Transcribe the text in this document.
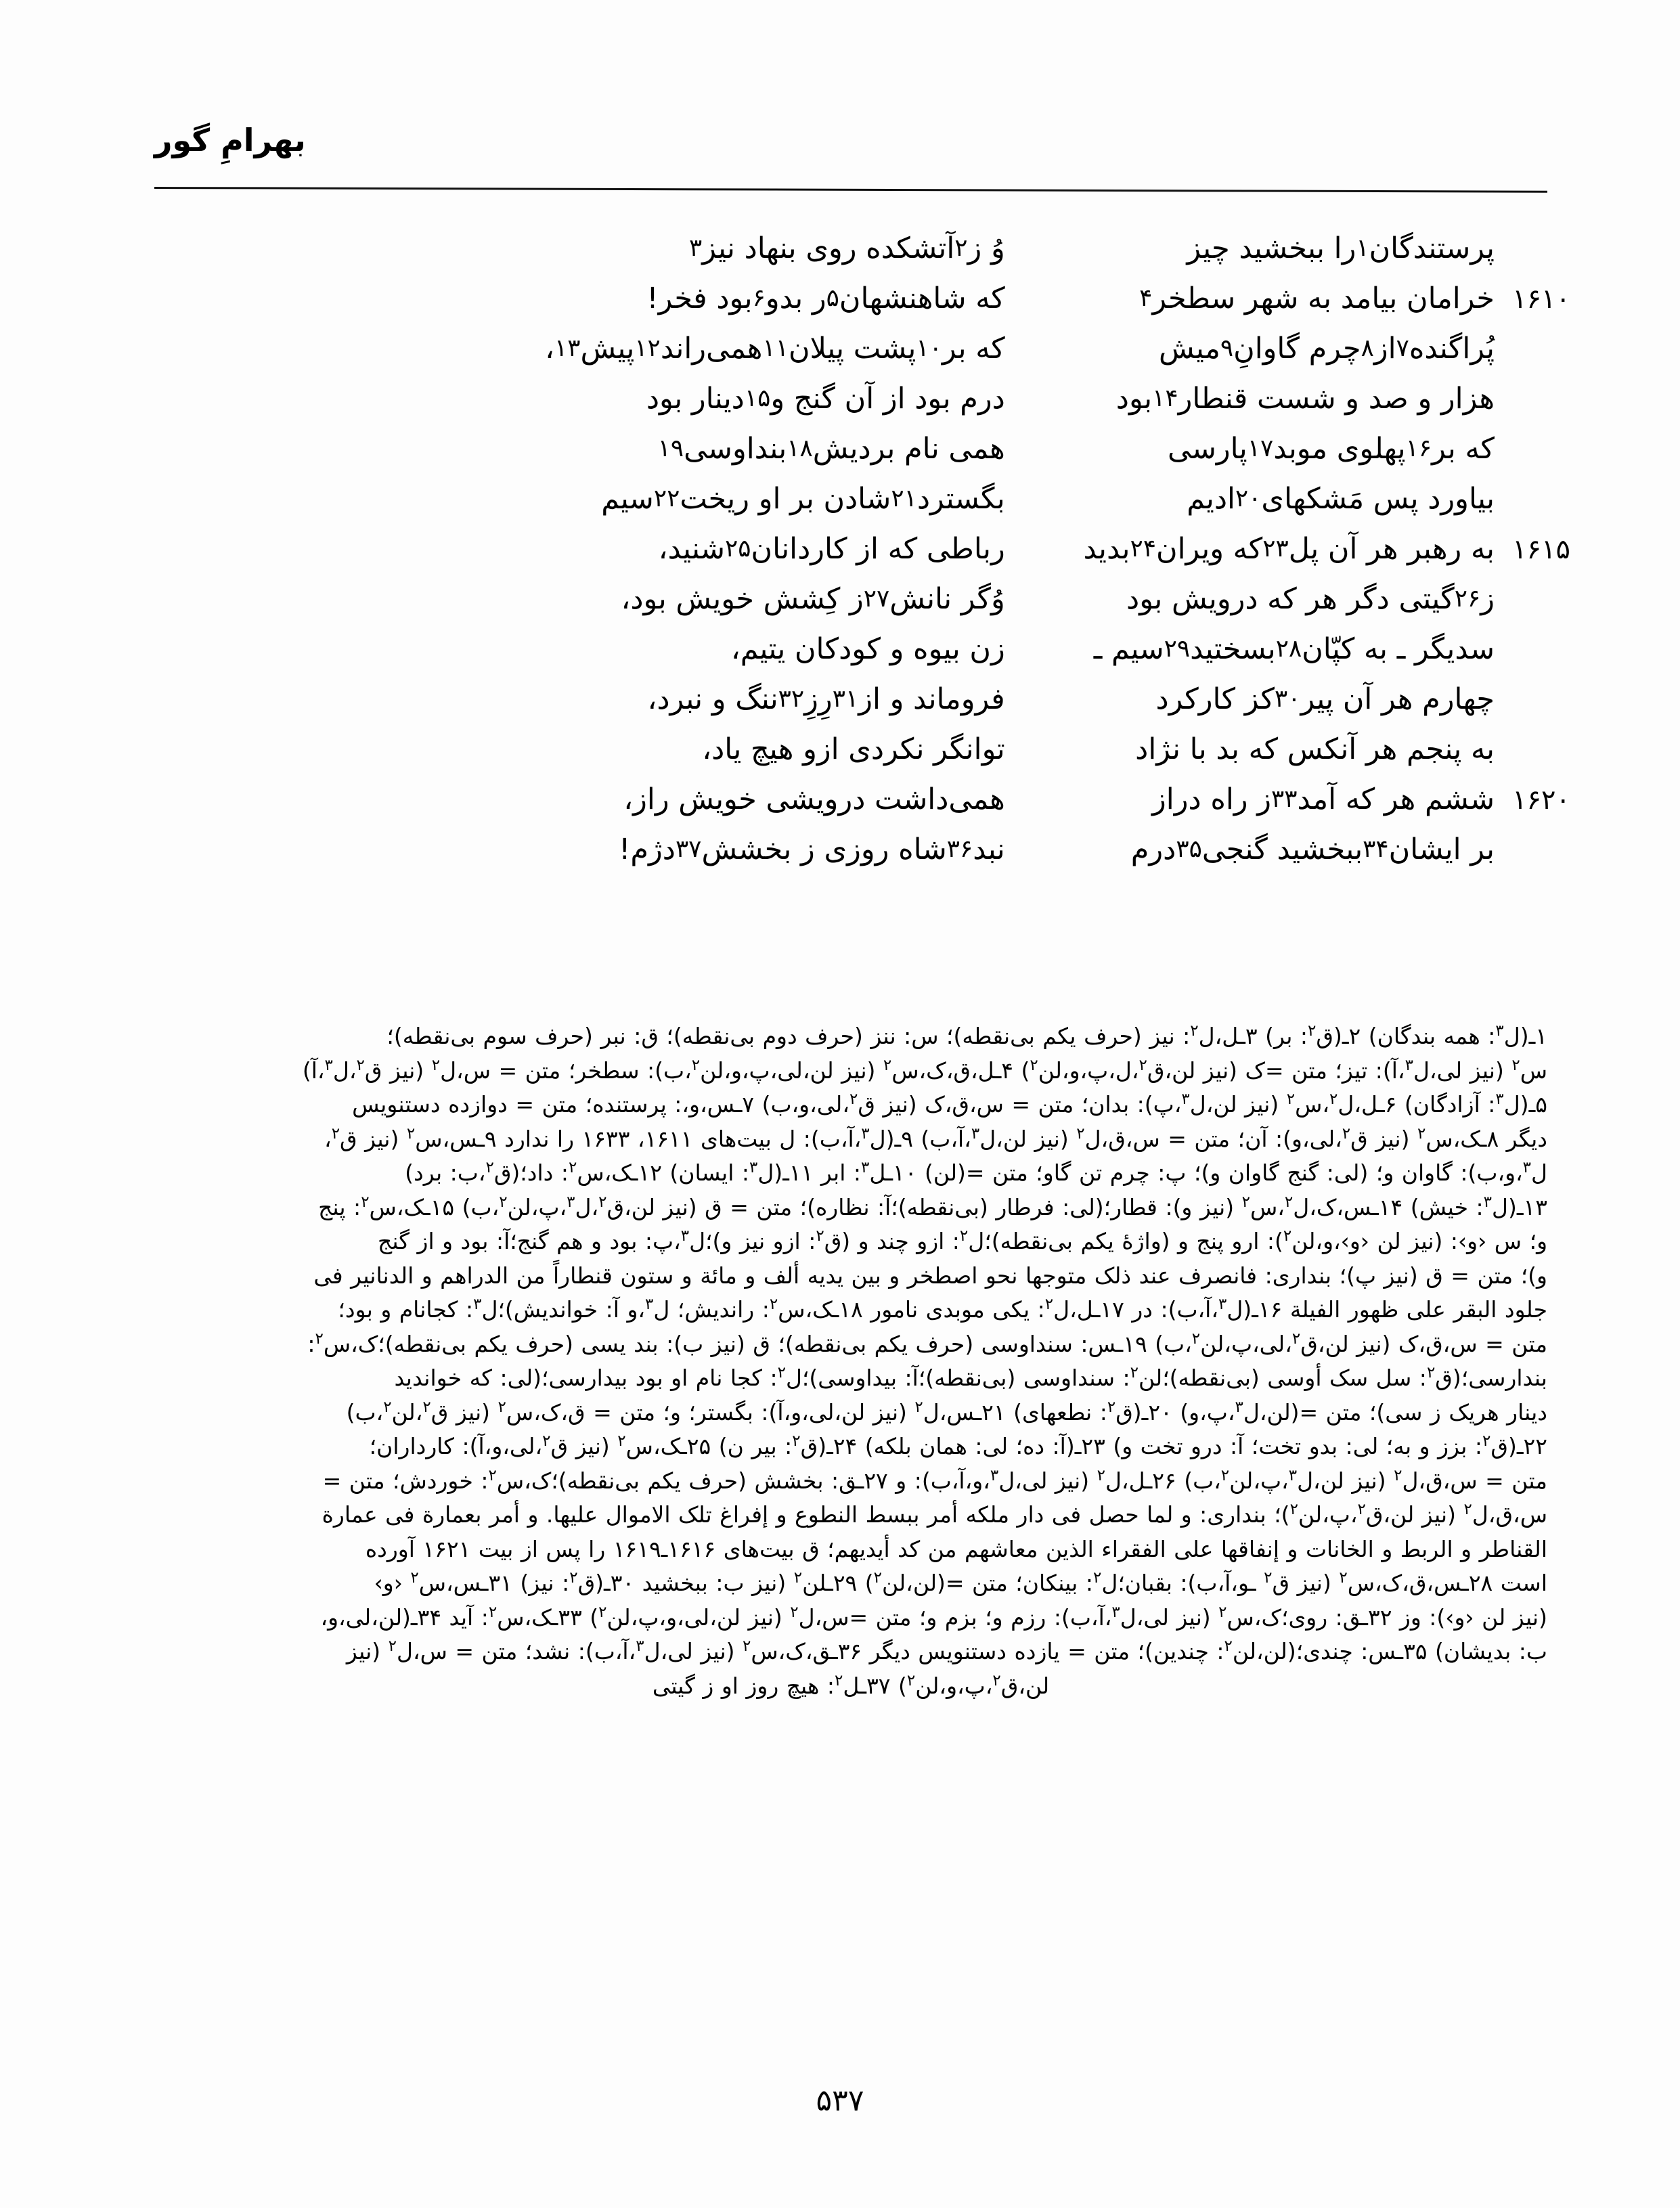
بهرامِ گور
پرستندگان
۱
را ببخشید چیز
وُ ز
۲
آتشکده روی بنهاد نیز
۳
۱۶۱۰
خرامان بیامد به شهر سطخر
۴
که شاهنشهان
۵
ر بدو
۶
بود فخر!
پُراگنده
۷
از
۸
چرم گاوانِ
۹
میش
که بر
۱۰
پشت پیلان
۱۱
همی‌راند
۱۲
پیش
۱۳
،
هزار و صد و شست قنطار
۱۴
بود
درم بود از آن گنج و
۱۵
دینار بود
که بر
۱۶
پهلوی موبد
۱۷
پارسی
همی نام بردیش
۱۸
بنداوسی
۱۹
بیاورد پس مَشکهای
۲۰
ادیم
بگسترد
۲۱
شادن بر او ریخت
۲۲
سیم
۱۶۱۵
به رهبر هر آن پل
۲۳
که ویران
۲۴
بدید
رباطی که از کاردانان
۲۵
شنید،
ز
۲۶
گیتی دگر هر که درویش بود
وُگر نانش
۲۷
ز کِشش خویش بود،
سدیگر ـ به کپّان
۲۸
بسختید
۲۹
سیم ـ
زن بیوه و کودکان یتیم،
چهارم هر آن پیر
۳۰
کز کارکرد
فروماند و از
۳۱
رِزِ
۳۲
ننگ و نبرد،
به پنجم هر آنکس که بد با نژاد
توانگر نکردی ازو هیچ یاد،
۱۶۲۰
ششم هر که آمد
۳۳
ز راه دراز
همی‌داشت درویشی خویش راز،
بر ایشان
۳۴
ببخشید گنجی
۳۵
درم
نبد
۳۶
شاه روزی ز بخشش
۳۷
دژم!

۱ـ(ل$^۳$: همه بندگان) ۲ـ(ق$^۲$: بر) ۳ـل،ل$^۲$: نیز (حرف یکم بی‌نقطه)؛ س: ننز (حرف دوم بی‌نقطه)؛ ق: نبر (حرف سوم بی‌نقطه)؛

س$^۲$ (نیز لی،ل$^۳$،آ): تیز؛ متن =ک (نیز لن،ق$^۲$،ل،پ،و،لن$^۲$) ۴ـل،ق،ک،س$^۲$ (نیز لن،لی،پ،و،لن$^۲$،ب): سطخر؛ متن = س،ل$^۲$ (نیز ق$^۲$،ل$^۳$،آ)

۵ـ(ل$^۳$: آزادگان) ۶ـل،ل$^۲$،س$^۲$ (نیز لن،ل$^۳$،پ): بدان؛ متن = س،ق،ک (نیز ق$^۲$،لی،و،ب) ۷ـس،و،: پرستنده؛ متن = دوازده دستنویس

دیگر ۸ـک،س$^۲$ (نیز ق$^۲$،لی،و): آن؛ متن = س،ق،ل$^۲$ (نیز لن،ل$^۳$،آ،ب) ۹ـ(ل$^۳$،آ،ب): ل بیت‌های ۱۶۱۱، ۱۶۳۳ را ندارد ۹ـس،س$^۲$ (نیز ق$^۲$،

ل$^۳$،و،ب): گاوان و؛ (لی: گنج گاوان و)؛ پ: چرم تن گاو؛ متن =(لن) ۱۰ـل$^۳$: ابر ۱۱ـ(ل$^۳$: ایسان) ۱۲ـک،س$^۲$: داد؛(ق$^۲$،ب: برد)

۱۳ـ(ل$^۳$: خیش) ۱۴ـس،ک،ل$^۲$،س$^۲$ (نیز و): قطار؛(لی: فرطار (بی‌نقطه)؛آ: نظاره)؛ متن = ق (نیز لن،ق$^۲$،ل$^۳$،پ،لن$^۲$،ب) ۱۵ـک،س$^۲$: پنج

و؛ س ‹و›: (نیز لن ‹و›،و،لن$^۲$): ارو پنج و (واژهٔ یکم بی‌نقطه)؛ل$^۲$: ازو چند و (ق$^۲$: ازو نیز و)؛ل$^۳$،پ: بود و هم گنج؛آ: بود و از گنج

و)؛ متن = ق (نیز پ)؛ بنداری: فانصرف عند ذلک متوجها نحو اصطخر و بین یدیه ألف و مائة و ستون قنطاراً من الدراهم و الدنانیر فی

جلود البقر علی ظهور الفیلة ۱۶ـ(ل$^۳$،آ،ب): در ۱۷ـل،ل$^۲$: یکی موبدی نامور ۱۸ـک،س$^۲$: راندیش؛ ل$^۳$،و آ: خواندیش)؛ل$^۳$: کجانام و بود؛

متن = س،ق،ک (نیز لن،ق$^۲$،لی،پ،لن$^۲$،ب) ۱۹ـس: سنداوسی (حرف یکم بی‌نقطه)؛ ق (نیز ب): بند یسی (حرف یکم بی‌نقطه)؛ک،س$^۲$:

بندارسی؛(ق$^۲$: سل سک أوسی (بی‌نقطه)؛لن$^۲$: سنداوسی (بی‌نقطه)؛آ: بیداوسی)؛ل$^۲$: کجا نام او بود بیدارسی؛(لی: که خواندید

دینار هریک ز سی)؛ متن =(لن،ل$^۳$،پ،و) ۲۰ـ(ق$^۲$: نطعهای) ۲۱ـس،ل$^۲$ (نیز لن،لی،و،آ): بگستر؛ و؛ متن = ق،ک،س$^۲$ (نیز ق$^۲$،لن$^۲$،ب)

۲۲ـ(ق$^۲$: بزز و به؛ لی: بدو تخت؛ آ: درو تخت و) ۲۳ـ(آ: ده؛ لی: همان بلکه) ۲۴ـ(ق$^۲$: بیر ن) ۲۵ـک،س$^۲$ (نیز ق$^۲$،لی،و،آ): کارداران؛

متن = س،ق،ل$^۲$ (نیز لن،ل$^۳$،پ،لن$^۲$،ب) ۲۶ـل،ل$^۲$ (نیز لی،ل$^۳$،و،آ،ب): و ۲۷ـق: بخشش (حرف یکم بی‌نقطه)؛ک،س$^۲$: خوردش؛ متن =

س،ق،ل$^۲$ (نیز لن،ق$^۲$،پ،لن$^۲$)؛ بنداری: و لما حصل فی دار ملکه أمر ببسط النطوع و إفراغ تلک الاموال علیها. و أمر بعمارة فی عمارة

القناطر و الربط و الخانات و إنفاقها علی الفقراء الذین معاشهم من کد أیدیهم؛ ق بیت‌های ۱۶۱۶ـ۱۶۱۹ را پس از بیت ۱۶۲۱ آورده

است ۲۸ـس،ق،ک،س$^۲$ (نیز ق$^۲$ ـو،آ،ب): بقبان؛ل$^۲$: بینکان؛ متن =(لن،لن$^۲$) ۲۹ـلن$^۲$ (نیز ب: ببخشید ۳۰ـ(ق$^۲$: نیز) ۳۱ـس،س$^۲$ ‹و›

(نیز لن ‹و›): وز ۳۲ـق: روی؛ک،س$^۲$ (نیز لی،ل$^۳$،آ،ب): رزم و؛ بزم و؛ متن =س،ل$^۲$ (نیز لن،لی،و،پ،لن$^۲$) ۳۳ـک،س$^۲$: آید ۳۴ـ(لن،لی،و،

ب: بدیشان) ۳۵ـس: چندی؛(لن،لن$^۲$: چندین)؛ متن = یازده دستنویس دیگر ۳۶ـق،ک،س$^۲$ (نیز لی،ل$^۳$،آ،ب): نشد؛ متن = س،ل$^۲$ (نیز

لن،ق$^۲$،پ،و،لن$^۲$) ۳۷ـل$^۲$: هیچ روز او ز گیتی

۵۳۷
